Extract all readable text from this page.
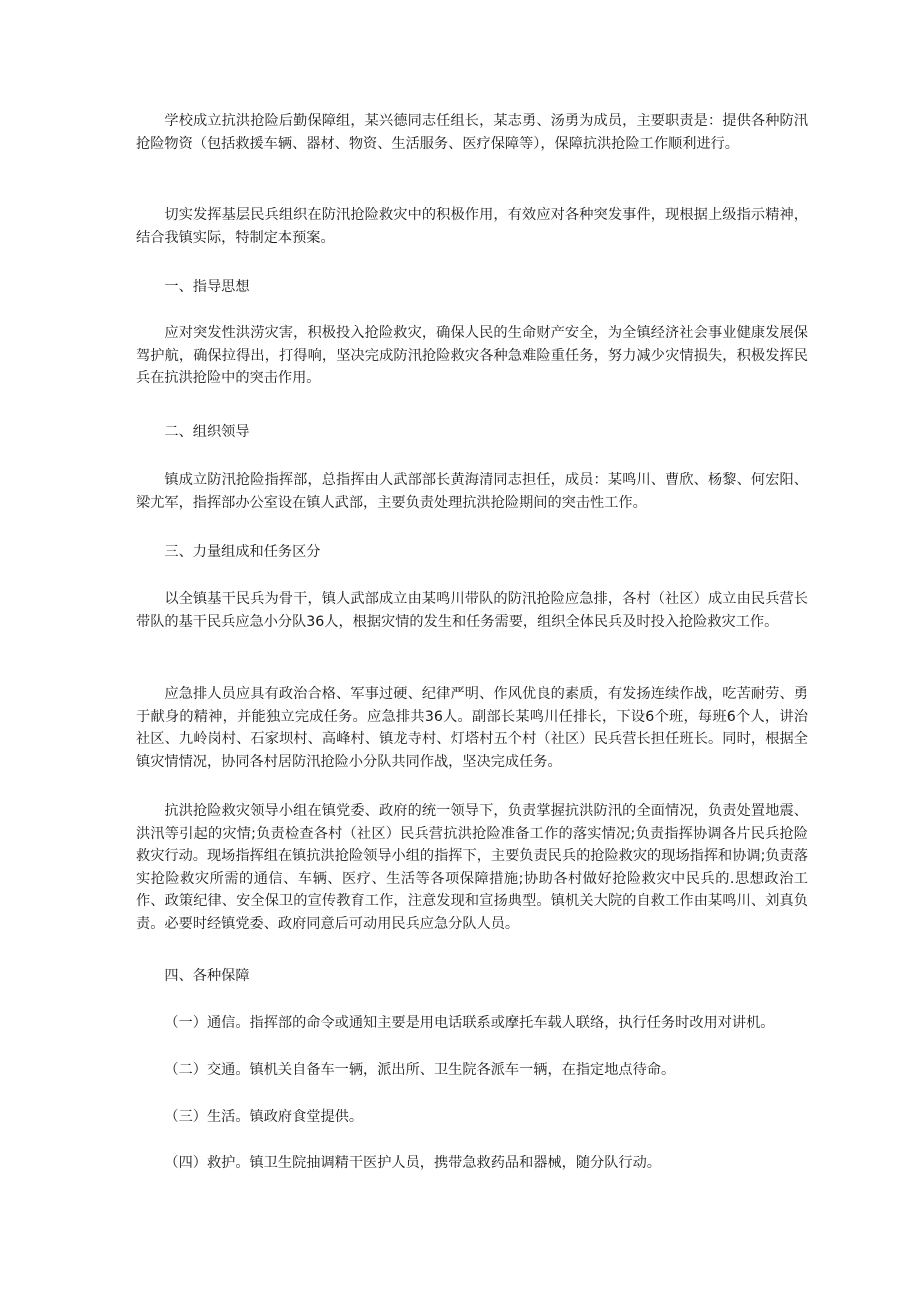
学校成立抗洪抢险后勤保障组，某兴德同志任组长，某志勇、汤勇为成员，主要职责是：提供各种防汛抢险物资（包括救援车辆、器材、物资、生活服务、医疗保障等），保障抗洪抢险工作顺利进行。

切实发挥基层民兵组织在防汛抢险救灾中的积极作用，有效应对各种突发事件，现根据上级指示精神，结合我镇实际，特制定本预案。

一、指导思想

应对突发性洪涝灾害，积极投入抢险救灾，确保人民的生命财产安全，为全镇经济社会事业健康发展保驾护航，确保拉得出，打得响，坚决完成防汛抢险救灾各种急难险重任务，努力减少灾情损失，积极发挥民兵在抗洪抢险中的突击作用。

二、组织领导

镇成立防汛抢险指挥部，总指挥由人武部部长黄海清同志担任，成员：某鸣川、曹欣、杨黎、何宏阳、梁尤军，指挥部办公室设在镇人武部，主要负责处理抗洪抢险期间的突击性工作。

三、力量组成和任务区分

以全镇基干民兵为骨干，镇人武部成立由某鸣川带队的防汛抢险应急排，各村（社区）成立由民兵营长带队的基干民兵应急小分队36人，根据灾情的发生和任务需要，组织全体民兵及时投入抢险救灾工作。

应急排人员应具有政治合格、军事过硬、纪律严明、作风优良的素质，有发扬连续作战，吃苦耐劳、勇于献身的精神，并能独立完成任务。应急排共36人。副部长某鸣川任排长，下设6个班，每班6个人，讲治社区、九岭岗村、石家坝村、高峰村、镇龙寺村、灯塔村五个村（社区）民兵营长担任班长。同时，根据全镇灾情情况，协同各村居防汛抢险小分队共同作战，坚决完成任务。

抗洪抢险救灾领导小组在镇党委、政府的统一领导下，负责掌握抗洪防汛的全面情况，负责处置地震、洪汛等引起的灾情;负责检查各村（社区）民兵营抗洪抢险准备工作的落实情况;负责指挥协调各片民兵抢险救灾行动。现场指挥组在镇抗洪抢险领导小组的指挥下，主要负责民兵的抢险救灾的现场指挥和协调;负责落实抢险救灾所需的通信、车辆、医疗、生活等各项保障措施;协助各村做好抢险救灾中民兵的.思想政治工作、政策纪律、安全保卫的宣传教育工作，注意发现和宣扬典型。镇机关大院的自救工作由某鸣川、刘真负责。必要时经镇党委、政府同意后可动用民兵应急分队人员。

四、各种保障

（一）通信。指挥部的命令或通知主要是用电话联系或摩托车载人联络，执行任务时改用对讲机。

（二）交通。镇机关自备车一辆，派出所、卫生院各派车一辆，在指定地点待命。

（三）生活。镇政府食堂提供。

（四）救护。镇卫生院抽调精干医护人员，携带急救药品和器械，随分队行动。
